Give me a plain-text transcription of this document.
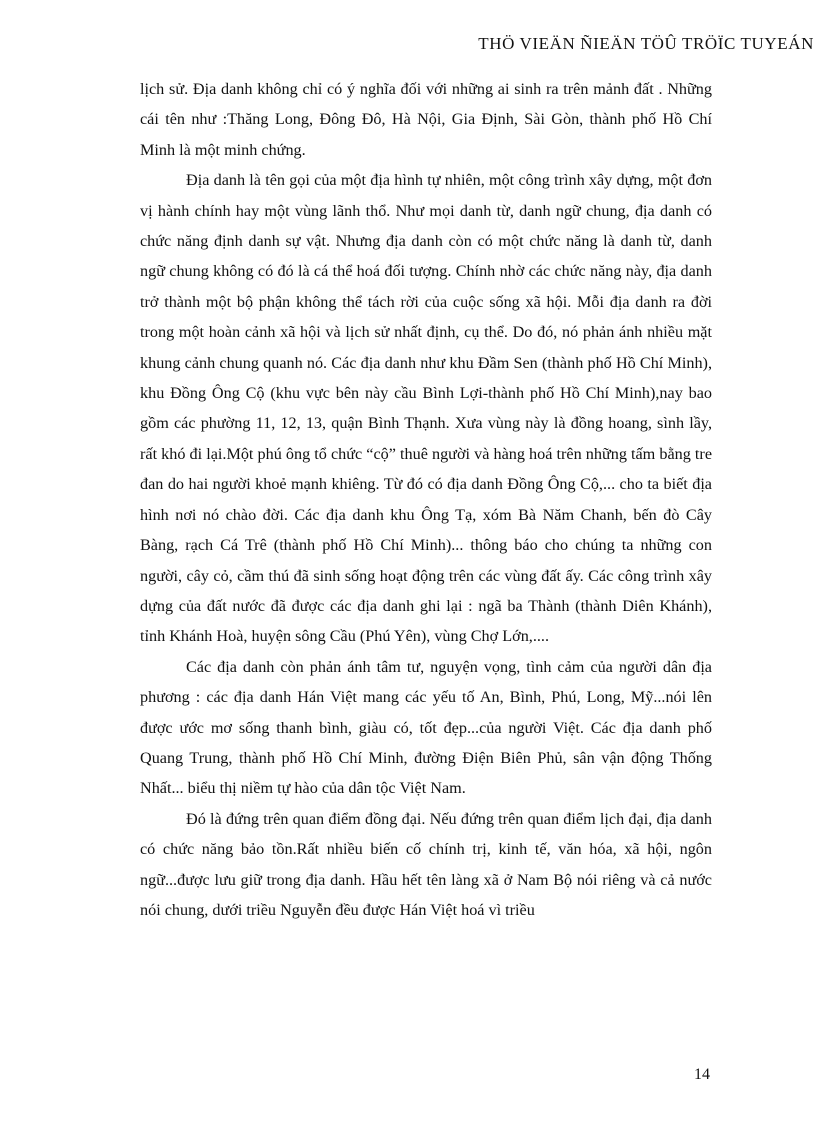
THÖ VIEÄN ÑIEÄN TÖÛ TRÖÏC TUYEÁN

lịch sử. Địa danh không chỉ có ý nghĩa đối với những ai sinh ra trên mảnh đất . Những cái tên như :Thăng Long, Đông Đô, Hà Nội, Gia Định, Sài Gòn, thành phố Hồ Chí Minh là một minh chứng.

Địa danh là tên gọi của một địa hình tự nhiên, một công trình xây dựng, một đơn vị hành chính hay một vùng lãnh thổ. Như mọi danh từ, danh ngữ chung, địa danh có chức năng định danh sự vật. Nhưng địa danh còn có một chức năng là danh từ, danh ngữ chung không có đó là cá thể hoá đối tượng. Chính nhờ các chức năng này, địa danh trở thành một bộ phận không thể tách rời của cuộc sống xã hội. Mỗi địa danh ra đời trong một hoàn cảnh xã hội và lịch sử nhất định, cụ thể. Do đó, nó phản ánh nhiều mặt khung cảnh chung quanh nó. Các địa danh như khu Đầm Sen (thành phố Hồ Chí Minh), khu Đồng Ông Cộ (khu vực bên này cầu Bình Lợi-thành phố Hồ Chí Minh),nay bao gồm các phường 11, 12, 13, quận Bình Thạnh. Xưa vùng này là đồng hoang, sình lầy, rất khó đi lại.Một phú ông tổ chức “cộ” thuê người và hàng hoá trên những tấm bằng tre đan do hai người khoẻ mạnh khiêng. Từ đó có địa danh Đồng Ông Cộ,... cho ta biết địa hình nơi nó chào đời. Các địa danh khu Ông Tạ, xóm Bà Năm Chanh, bến đò Cây Bàng, rạch Cá Trê (thành phố Hồ Chí Minh)... thông báo cho chúng ta những con người, cây cỏ, cầm thú đã sinh sống hoạt động trên các vùng đất ấy. Các công trình xây dựng của đất nước đã được các địa danh ghi lại : ngã ba Thành (thành Diên Khánh), tỉnh Khánh Hoà, huyện sông Cầu (Phú Yên), vùng Chợ Lớn,....

Các địa danh còn phản ánh tâm tư, nguyện vọng, tình cảm của người dân địa phương : các địa danh Hán Việt mang các yếu tố An, Bình, Phú, Long, Mỹ...nói lên được ước mơ sống thanh bình, giàu có, tốt đẹp...của người Việt. Các địa danh phố Quang Trung, thành phố Hồ Chí Minh, đường Điện Biên Phủ, sân vận động Thống Nhất... biểu thị niềm tự hào của dân tộc Việt Nam.

Đó là đứng trên quan điểm đồng đại. Nếu đứng trên quan điểm lịch đại, địa danh có chức năng bảo tồn.Rất nhiều biến cố chính trị, kinh tế, văn hóa, xã hội, ngôn ngữ...được lưu giữ trong địa danh. Hầu hết tên làng xã ở Nam Bộ nói riêng và cả nước nói chung, dưới triều Nguyễn đều được Hán Việt hoá vì triều

14
